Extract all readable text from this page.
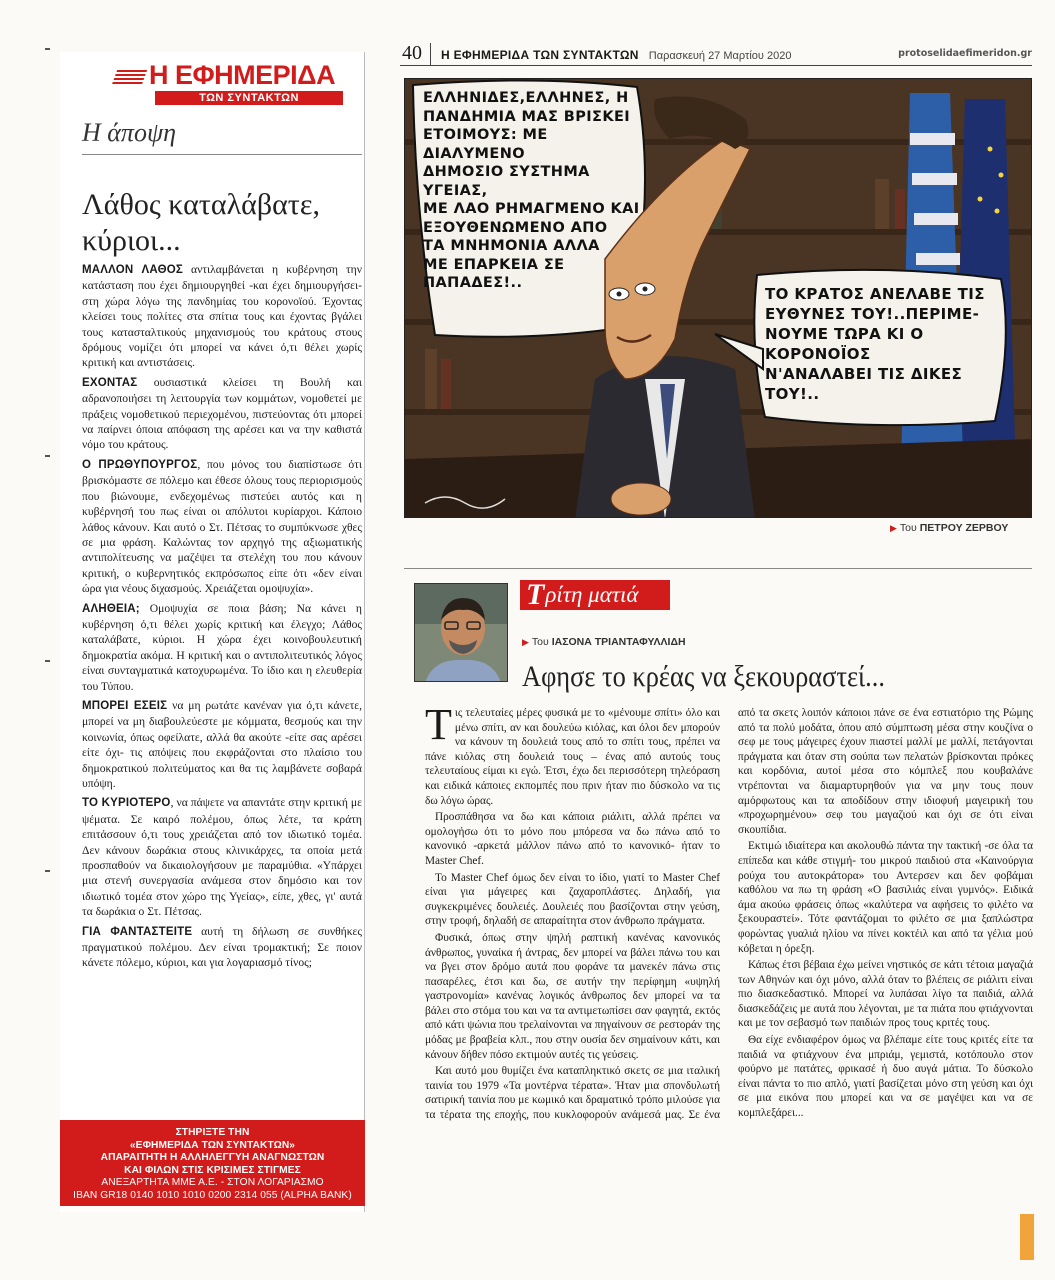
40	Η ΕΦΗΜΕΡΙΔΑ ΤΩΝ ΣΥΝΤΑΚΤΩΝ Παρασκευή 27 Μαρτίου 2020	protoselidaefimeridon.gr
Η ΕΦΗΜΕΡΙΔΑ
ΤΩΝ ΣΥΝΤΑΚΤΩΝ
Η άποψη
Λάθος καταλάβατε, κύριοι...

ΜΑΛΛΟΝ ΛΑΘΟΣ αντιλαμβάνεται η κυβέρνηση την κατάσταση που έχει δημιουργηθεί -και έχει δημιουργήσει- στη χώρα λόγω της πανδημίας του κορονοϊού. Έχοντας κλείσει τους πολίτες στα σπίτια τους και έχοντας βγάλει τους κατασταλτικούς μηχανισμούς του κράτους στους δρόμους νομίζει ότι μπορεί να κάνει ό,τι θέλει χωρίς κριτική και αντιστάσεις.

ΕΧΟΝΤΑΣ ουσιαστικά κλείσει τη Βουλή και αδρανοποιήσει τη λειτουργία των κομμάτων, νομοθετεί με πράξεις νομοθετικού περιεχομένου, πιστεύοντας ότι μπορεί να παίρνει όποια απόφαση της αρέσει και να την καθιστά νόμο του κράτους.

Ο ΠΡΩΘΥΠΟΥΡΓΟΣ, που μόνος του διαπίστωσε ότι βρισκόμαστε σε πόλεμο και έθεσε όλους τους περιορισμούς που βιώνουμε, ενδεχομένως πιστεύει αυτός και η κυβέρνησή του πως είναι οι απόλυτοι κυρίαρχοι. Κάποιο λάθος κάνουν. Και αυτό ο Στ. Πέτσας το συμπύκνωσε χθες σε μια φράση. Καλώντας τον αρχηγό της αξιωματικής αντιπολίτευσης να μαζέψει τα στελέχη του που κάνουν κριτική, ο κυβερνητικός εκπρόσωπος είπε ότι «δεν είναι ώρα για νέους διχασμούς. Χρειάζεται ομοψυχία».

ΑΛΗΘΕΙΑ; Ομοψυχία σε ποια βάση; Να κάνει η κυβέρνηση ό,τι θέλει χωρίς κριτική και έλεγχο; Λάθος καταλάβατε, κύριοι. Η χώρα έχει κοινοβουλευτική δημοκρατία ακόμα. Η κριτική και ο αντιπολιτευτικός λόγος είναι συνταγματικά κατοχυρωμένα. Το ίδιο και η ελευθερία του Τύπου.

ΜΠΟΡΕΙ ΕΣΕΙΣ να μη ρωτάτε κανέναν για ό,τι κάνετε, μπορεί να μη διαβουλεύεστε με κόμματα, θεσμούς και την κοινωνία, όπως οφείλατε, αλλά θα ακούτε -είτε σας αρέσει είτε όχι- τις απόψεις που εκφράζονται στο πλαίσιο του δημοκρατικού πολιτεύματος και θα τις λαμβάνετε σοβαρά υπόψη.

ΤΟ ΚΥΡΙΟΤΕΡΟ, να πάψετε να απαντάτε στην κριτική με ψέματα. Σε καιρό πολέμου, όπως λέτε, τα κράτη επιτάσσουν ό,τι τους χρειάζεται από τον ιδιωτικό τομέα. Δεν κάνουν δωράκια στους κλινικάρχες, τα οποία μετά προσπαθούν να δικαιολογήσουν με παραμύθια. «Υπάρχει μια στενή συνεργασία ανάμεσα στον δημόσιο και τον ιδιωτικό τομέα στον χώρο της Υγείας», είπε, χθες, γι' αυτά τα δωράκια ο Στ. Πέτσας.

ΓΙΑ ΦΑΝΤΑΣΤΕΙΤΕ αυτή τη δήλωση σε συνθήκες πραγματικού πολέμου. Δεν είναι τρομακτική; Σε ποιον κάνετε πόλεμο, κύριοι, και για λογαριασμό τίνος;

ΣΤΗΡΙΞΤΕ ΤΗΝ
«ΕΦΗΜΕΡΙΔΑ ΤΩΝ ΣΥΝΤΑΚΤΩΝ»
ΑΠΑΡΑΙΤΗΤΗ Η ΑΛΛΗΛΕΓΓΥΗ ΑΝΑΓΝΩΣΤΩΝ
ΚΑΙ ΦΙΛΩΝ ΣΤΙΣ ΚΡΙΣΙΜΕΣ ΣΤΙΓΜΕΣ
ΑΝΕΞΑΡΤΗΤΑ ΜΜΕ Α.Ε. - ΣΤΟΝ ΛΟΓΑΡΙΑΣΜΟ
IBAN GR18 0140 1010 1010 0200 2314 055 (ALPHA BANK)
ΕΛΛΗΝΙΔΕΣ,ΕΛΛΗΝΕΣ, Η
ΠΑΝΔΗΜΙΑ ΜΑΣ ΒΡΙΣΚΕΙ
ΕΤΟΙΜΟΥΣ: ΜΕ ΔΙΑΛΥΜΕΝΟ
ΔΗΜΟΣΙΟ ΣΥΣΤΗΜΑ ΥΓΕΙΑΣ,
ΜΕ ΛΑΟ ΡΗΜΑΓΜΕΝΟ ΚΑΙ
ΕΞΟΥΘΕΝΩΜΕΝΟ ΑΠΟ
ΤΑ ΜΝΗΜΟΝΙΑ ΑΛΛΑ
ΜΕ ΕΠΑΡΚΕΙΑ ΣΕ
ΠΑΠΑΔΕΣ!..
ΤΟ ΚΡΑΤΟΣ ΑΝΕΛΑΒΕ ΤΙΣ
ΕΥΘΥΝΕΣ ΤΟΥ!..ΠΕΡΙΜΕ-
ΝΟΥΜΕ ΤΩΡΑ ΚΙ Ο ΚΟΡΟΝΟΪΟΣ
Ν'ΑΝΑΛΑΒΕΙ ΤΙΣ ΔΙΚΕΣ ΤΟΥ!..
▶ Του ΠΕΤΡΟΥ ΖΕΡΒΟΥ
Τ ρίτη ματιά
▶ Του ΙΑΣΟΝΑ ΤΡΙΑΝΤΑΦΥΛΛΙΔΗ
Αφησε το κρέας να ξεκουραστεί...

Τις τελευταίες μέρες φυσικά με το «μένουμε σπίτι» όλο και μένω σπίτι, αν και δουλεύω κιόλας, και όλοι δεν μπορούν να κάνουν τη δουλειά τους από το σπίτι τους, πρέπει να πάνε κιόλας στη δουλειά τους – ένας από αυτούς τους τελευταίους είμαι κι εγώ. Έτσι, έχω δει περισσότερη τηλεόραση και ειδικά κάποιες εκπομπές που πριν ήταν πιο δύσκολο να τις δω λόγω ώρας.

Προσπάθησα να δω και κάποια ριάλιτι, αλλά πρέπει να ομολογήσω ότι το μόνο που μπόρεσα να δω πάνω από το κανονικό -αρκετά μάλλον πάνω από το κανονικό- ήταν το Master Chef.

Το Master Chef όμως δεν είναι το ίδιο, γιατί το Master Chef είναι για μάγειρες και ζαχαροπλάστες. Δηλαδή, για συγκεκριμένες δουλειές. Δουλειές που βασίζονται στην γεύση, στην τροφή, δηλαδή σε απαραίτητα στον άνθρωπο πράγματα.

Φυσικά, όπως στην ψηλή ραπτική κανένας κανονικός άνθρωπος, γυναίκα ή άντρας, δεν μπορεί να βάλει πάνω του και να βγει στον δρόμο αυτά που φοράνε τα μανεκέν πάνω στις πασαρέλες, έτσι και δω, σε αυτήν την περίφημη «υψηλή γαστρονομία» κανένας λογικός άνθρωπος δεν μπορεί να τα βάλει στο στόμα του και να τα αντιμετωπίσει σαν φαγητά, εκτός από κάτι ψώνια που τρελαίνονται να πηγαίνουν σε ρεστοράν της μόδας με βραβεία κλπ., που στην ουσία δεν σημαίνουν κάτι, και κάνουν δήθεν πόσο εκτιμούν αυτές τις γεύσεις.

Και αυτό μου θυμίζει ένα καταπληκτικό σκετς σε μια ιταλική ταινία του 1979 «Τα μοντέρνα τέρατα». Ήταν μια σπονδυλωτή σατιρική ταινία που με κωμικό και δραματικό τρόπο μιλούσε για τα τέρατα της εποχής, που κυκλοφορούν ανάμεσά μας. Σε ένα από τα σκετς λοιπόν κάποιοι πάνε σε ένα εστιατόριο της Ρώμης από τα πολύ μοδάτα, όπου από σύμπτωση μέσα στην κουζίνα ο σεφ με τους μάγειρες έχουν πιαστεί μαλλί με μαλλί, πετάγονται πράγματα και όταν στη σούπα των πελατών βρίσκονται πρόκες και κορδόνια, αυτοί μέσα στο κόμπλεξ που κουβαλάνε ντρέπονται να διαμαρτυρηθούν για να μην τους πουν αμόρφωτους και τα αποδίδουν στην ιδιοφυή μαγειρική του «προχωρημένου» σεφ του μαγαζιού και όχι σε ότι είναι σκουπίδια.

Εκτιμώ ιδιαίτερα και ακολουθώ πάντα την τακτική -σε όλα τα επίπεδα και κάθε στιγμή- του μικρού παιδιού στα «Καινούργια ρούχα του αυτοκράτορα» του Αντερσεν και δεν φοβάμαι καθόλου να πω τη φράση «Ο βασιλιάς είναι γυμνός». Ειδικά άμα ακούω φράσεις όπως «καλύτερα να αφήσεις το φιλέτο να ξεκουραστεί». Τότε φαντάζομαι το φιλέτο σε μια ξαπλώστρα φορώντας γυαλιά ηλίου να πίνει κοκτέιλ και από τα γέλια μού κόβεται η όρεξη.

Κάπως έτσι βέβαια έχω μείνει νηστικός σε κάτι τέτοια μαγαζιά των Αθηνών και όχι μόνο, αλλά όταν το βλέπεις σε ριάλιτι είναι πιο διασκεδαστικό. Μπορεί να λυπάσαι λίγο τα παιδιά, αλλά διασκεδάζεις με αυτά που λέγονται, με τα πιάτα που φτιάχνονται και με τον σεβασμό των παιδιών προς τους κριτές τους.

Θα είχε ενδιαφέρον όμως να βλέπαμε είτε τους κριτές είτε τα παιδιά να φτιάχνουν ένα μπριάμ, γεμιστά, κοτόπουλο στον φούρνο με πατάτες, φρικασέ ή δυο αυγά μάτια. Το δύσκολο είναι πάντα το πιο απλό, γιατί βασίζεται μόνο στη γεύση και όχι σε μια εικόνα που μπορεί και να σε μαγέψει και να σε κομπλεξάρει...
